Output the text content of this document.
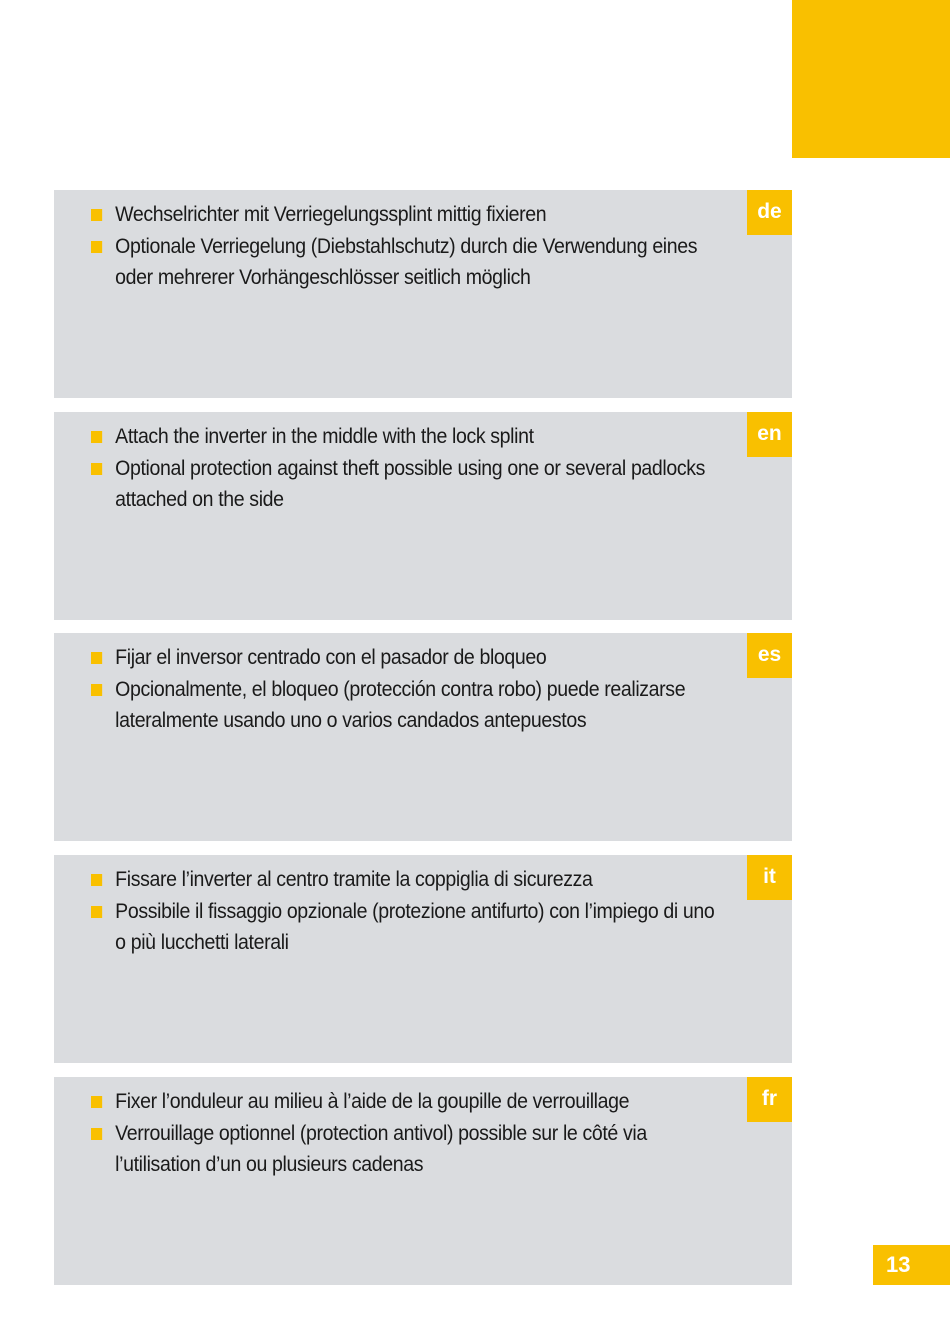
de
Wechselrichter mit Verriegelungssplint mittig fixieren
Optionale Verriegelung (Diebstahlschutz) durch die Verwendung eines oder mehrerer Vorhängeschlösser seitlich möglich
en
Attach the inverter in the middle with the lock splint
Optional protection against theft possible using one or several padlocks attached on the side
es
Fijar el inversor centrado con el pasador de bloqueo
Opcionalmente, el bloqueo (protección contra robo) puede realizarse lateralmente usando uno o varios candados antepuestos
it
Fissare l’inverter al centro tramite la coppiglia di sicurezza
Possibile il fissaggio opzionale (protezione antifurto) con l’impiego di uno o più lucchetti laterali
fr
Fixer l’onduleur au milieu à l’aide de la goupille de verrouillage
Verrouillage optionnel (protection antivol) possible sur le côté via l’utilisation d’un ou plusieurs cadenas
13
